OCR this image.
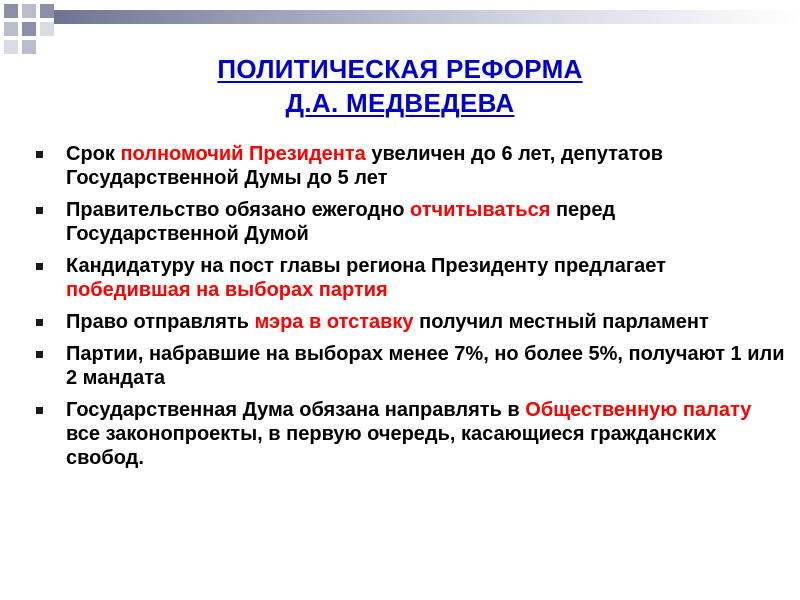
ПОЛИТИЧЕСКАЯ РЕФОРМА
Д.А. МЕДВЕДЕВА
Срок полномочий Президента увеличен до 6 лет, депутатов Государственной Думы до 5 лет
Правительство обязано ежегодно отчитываться перед Государственной Думой
Кандидатуру на пост главы региона Президенту предлагает победившая на выборах партия
Право отправлять мэра в отставку получил местный парламент
Партии, набравшие на выборах менее 7%, но более 5%, получают 1 или 2 мандата
Государственная Дума обязана направлять в Общественную палату все законопроекты, в первую очередь, касающиеся гражданских свобод.
